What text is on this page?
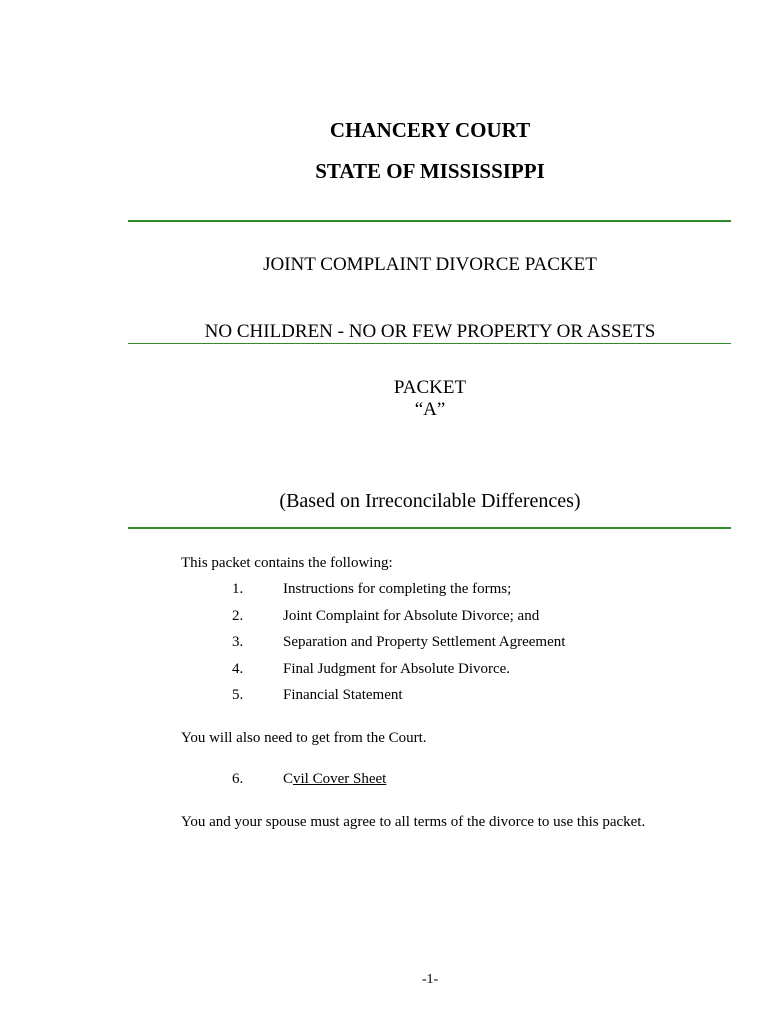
CHANCERY COURT
STATE OF MISSISSIPPI
JOINT COMPLAINT DIVORCE PACKET
NO CHILDREN - NO OR FEW PROPERTY OR ASSETS
PACKET
“A”
(Based on Irreconcilable Differences)
This packet contains the following:
1.	Instructions for completing the forms;
2.	Joint Complaint for Absolute Divorce; and
3.	Separation and Property Settlement Agreement
4.	Final Judgment for Absolute Divorce.
5.	Financial Statement
You will also need to get from the Court.
6.	Cvil Cover Sheet
You and your spouse must agree to all terms of the divorce to use this packet.
-1-
